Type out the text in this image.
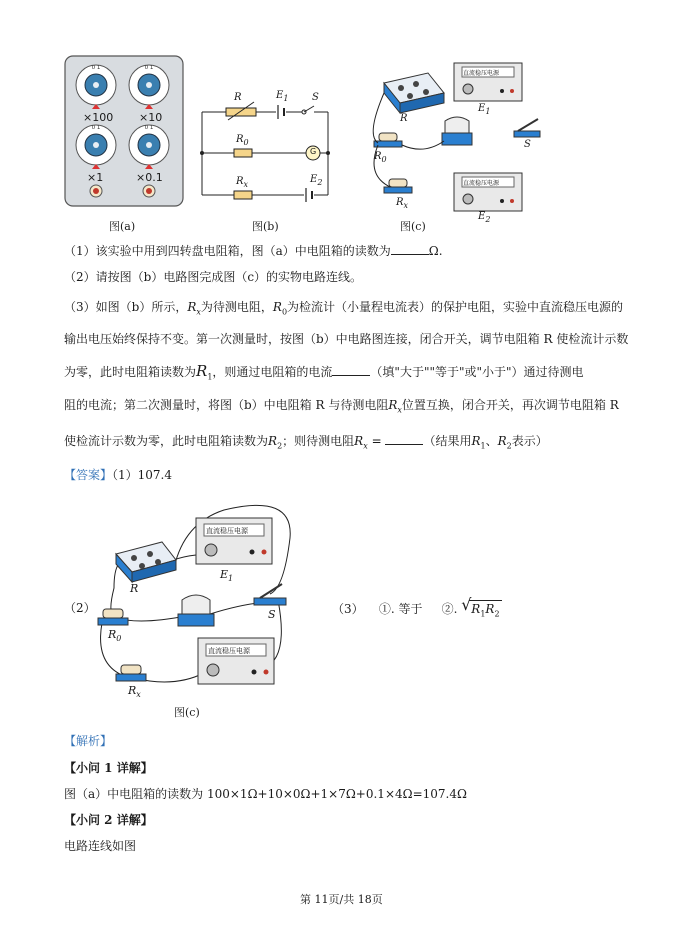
0 1	0 1
0 1	0 1
×100 ×10
×1	×0.1
图(a)
R	$E_1$ S
$R_0$
G
$R_x$	$E_2$
图(b)
直流稳压电源
直流稳压电源
R
$E_1$
$R_0$
S
$R_x$
$E_2$
图(c)
（1）该实验中用到四转盘电阻箱，图（a）中电阻箱的读数为	Ω.
（2）请按图（b）电路图完成图（c）的实物电路连线。
（3）如图（b）所示，$R_x$为待测电阻，$R_0$为检流计（小量程电流表）的保护电阻，实验中直流稳压电源的
输出电压始终保持不变。第一次测量时，按图（b）中电路图连接，闭合开关，调节电阻箱 R 使检流计示数
为零，此时电阻箱读数为$R_1$，则通过电阻箱的电流	（填"大于""等于"或"小于"）通过待测电
阻的电流；第二次测量时，将图（b）中电阻箱 R 与待测电阻$R_x$位置互换，闭合开关，再次调节电阻箱 R
使检流计示数为零，此时电阻箱读数为$R_2$；则待测电阻$R_x$ =	（结果用$R_1$、$R_2$表示）
【答案】（1）107.4
（2）
直流稳压电源
直流稳压电源
R
$E_1$
S
$R_0$
$R_x$
图(c)
（3） ①. 等于 ②. √ $R_1R_2$
【解析】
【小问 1 详解】
图（a）中电阻箱的读数为 100×1Ω+10×0Ω+1×7Ω+0.1×4Ω=107.4Ω
【小问 2 详解】
电路连线如图
第 11页/共 18页
